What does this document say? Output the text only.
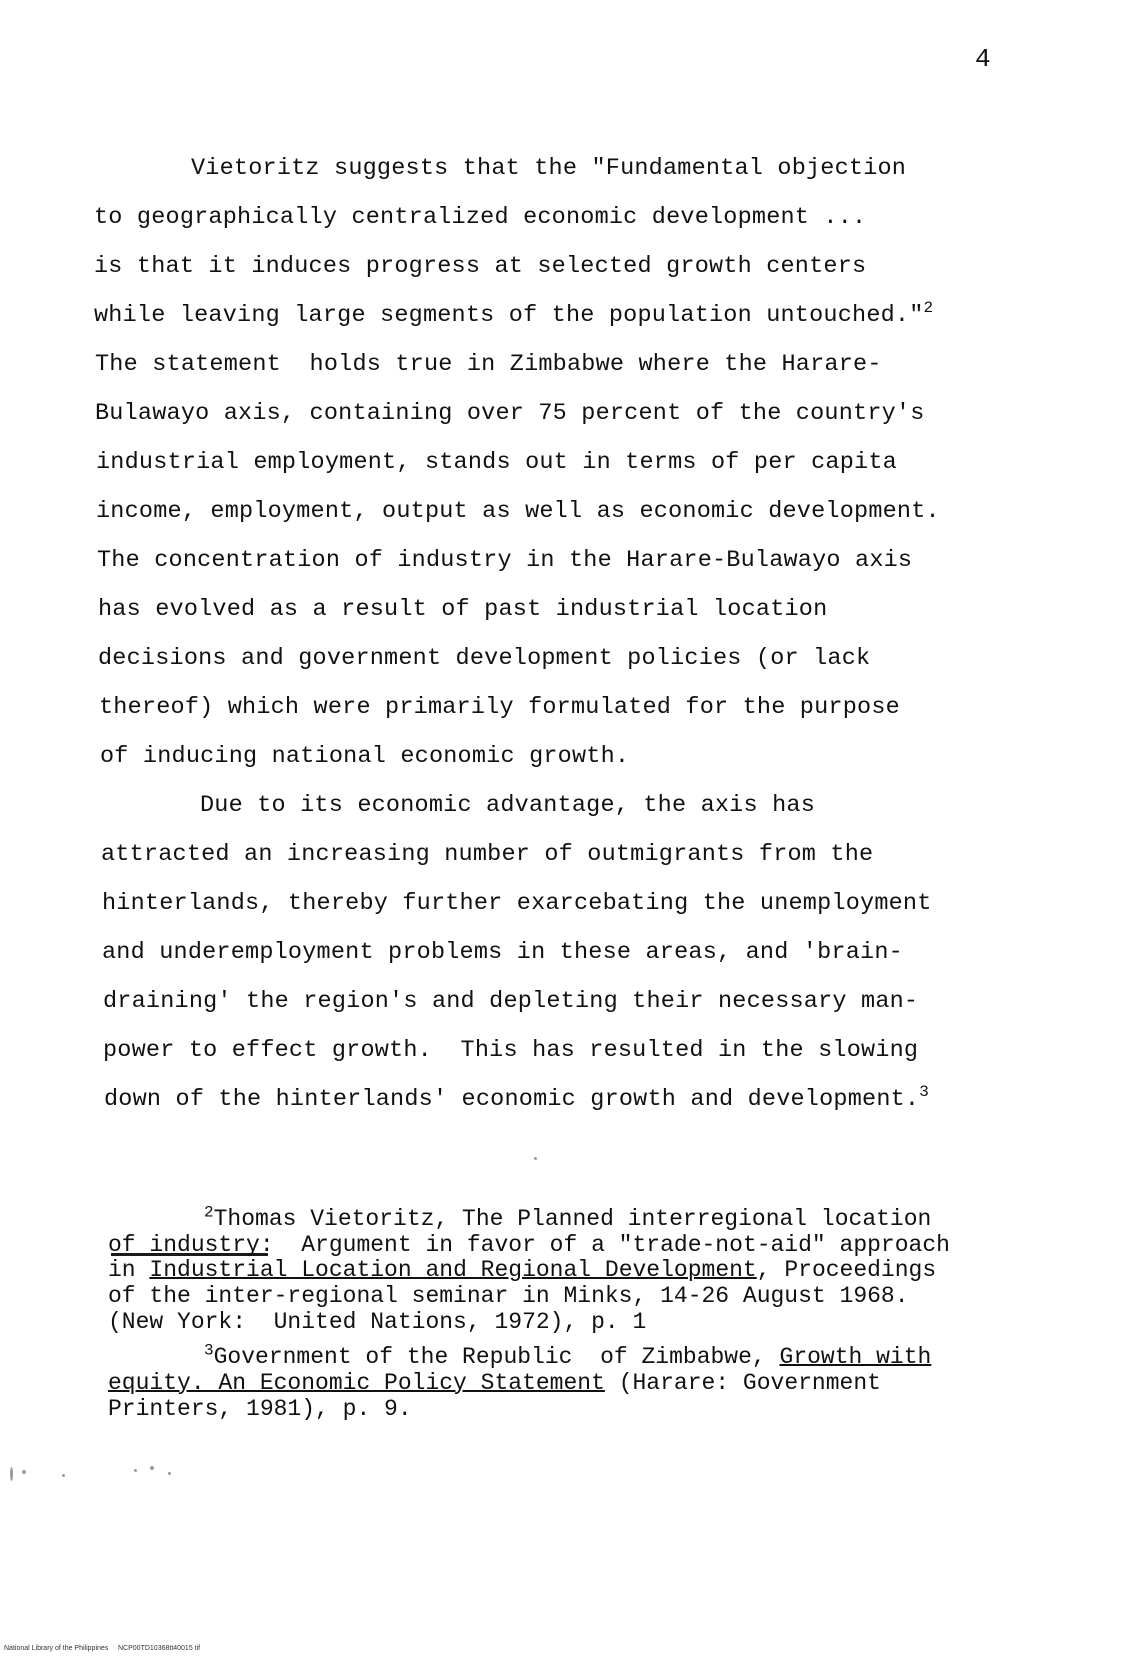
4
Vietoritz suggests that the "Fundamental objection
to geographically centralized economic development ...
is that it induces progress at selected growth centers
while leaving large segments of the population untouched."$^2$
The statement  holds true in Zimbabwe where the Harare-
Bulawayo axis, containing over 75 percent of the country's
industrial employment, stands out in terms of per capita
income, employment, output as well as economic development.
The concentration of industry in the Harare-Bulawayo axis
has evolved as a result of past industrial location
decisions and government development policies (or lack
thereof) which were primarily formulated for the purpose
of inducing national economic growth.
Due to its economic advantage, the axis has
attracted an increasing number of outmigrants from the
hinterlands, thereby further exarcebating the unemployment
and underemployment problems in these areas, and 'brain-
draining' the region's and depleting their necessary man-
power to effect growth.  This has resulted in the slowing
down of the hinterlands' economic growth and development.$^3$
$^2$Thomas Vietoritz, The Planned interregional location
of industry:  Argument in favor of a "trade-not-aid" approach
in Industrial Location and Regional Development, Proceedings
of the inter-regional seminar in Minks, 14-26 August 1968.
(New York:  United Nations, 1972), p. 1
$^3$Government of the Republic  of Zimbabwe, Growth with
equity. An Economic Policy Statement (Harare: Government
Printers, 1981), p. 9.
National Library of the Philippines     NCP00TD10368tt40015 tif
